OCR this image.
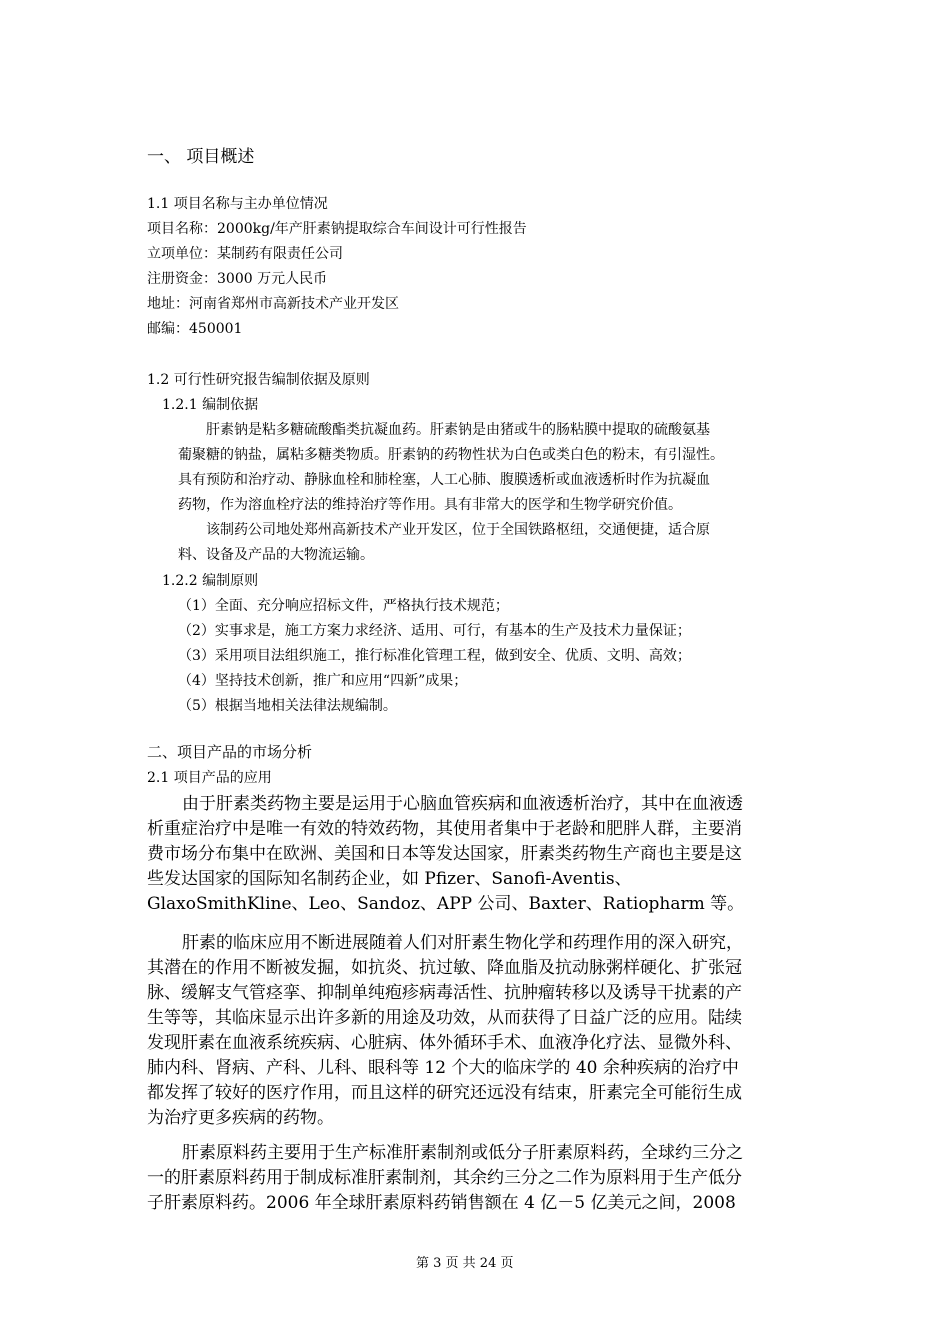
一、 项目概述
1.1 项目名称与主办单位情况
项目名称：2000kg/年产肝素钠提取综合车间设计可行性报告
立项单位：某制药有限责任公司
注册资金：3000 万元人民币
地址：河南省郑州市高新技术产业开发区
邮编：450001
1.2 可行性研究报告编制依据及原则
1.2.1 编制依据
肝素钠是粘多糖硫酸酯类抗凝血药。肝素钠是由猪或牛的肠粘膜中提取的硫酸氨基
葡聚糖的钠盐，属粘多糖类物质。肝素钠的药物性状为白色或类白色的粉末，有引湿性。
具有预防和治疗动、静脉血栓和肺栓塞，人工心肺、腹膜透析或血液透析时作为抗凝血
药物，作为溶血栓疗法的维持治疗等作用。具有非常大的医学和生物学研究价值。
该制药公司地处郑州高新技术产业开发区，位于全国铁路枢纽，交通便捷，适合原
料、设备及产品的大物流运输。
1.2.2 编制原则
（1）全面、充分响应招标文件，严格执行技术规范；
（2）实事求是，施工方案力求经济、适用、可行，有基本的生产及技术力量保证；
（3）采用项目法组织施工，推行标准化管理工程，做到安全、优质、文明、高效；
（4）坚持技术创新，推广和应用“四新”成果；
（5）根据当地相关法律法规编制。
二、项目产品的市场分析
2.1 项目产品的应用
由于肝素类药物主要是运用于心脑血管疾病和血液透析治疗，其中在血液透
析重症治疗中是唯一有效的特效药物，其使用者集中于老龄和肥胖人群，主要消
费市场分布集中在欧洲、美国和日本等发达国家，肝素类药物生产商也主要是这
些发达国家的国际知名制药企业，如 Pfizer、Sanofi-Aventis、
GlaxoSmithKline、Leo、Sandoz、APP 公司、Baxter、Ratiopharm 等。
肝素的临床应用不断进展随着人们对肝素生物化学和药理作用的深入研究，
其潜在的作用不断被发掘，如抗炎、抗过敏、降血脂及抗动脉粥样硬化、扩张冠
脉、缓解支气管痉挛、抑制单纯疱疹病毒活性、抗肿瘤转移以及诱导干扰素的产
生等等，其临床显示出许多新的用途及功效，从而获得了日益广泛的应用。陆续
发现肝素在血液系统疾病、心脏病、体外循环手术、血液净化疗法、显微外科、
肺内科、肾病、产科、儿科、眼科等 12 个大的临床学的 40 余种疾病的治疗中
都发挥了较好的医疗作用，而且这样的研究还远没有结束，肝素完全可能衍生成
为治疗更多疾病的药物。
肝素原料药主要用于生产标准肝素制剂或低分子肝素原料药，全球约三分之
一的肝素原料药用于制成标准肝素制剂，其余约三分之二作为原料用于生产低分
子肝素原料药。2006 年全球肝素原料药销售额在 4 亿－5 亿美元之间，2008
第 3 页 共 24 页
